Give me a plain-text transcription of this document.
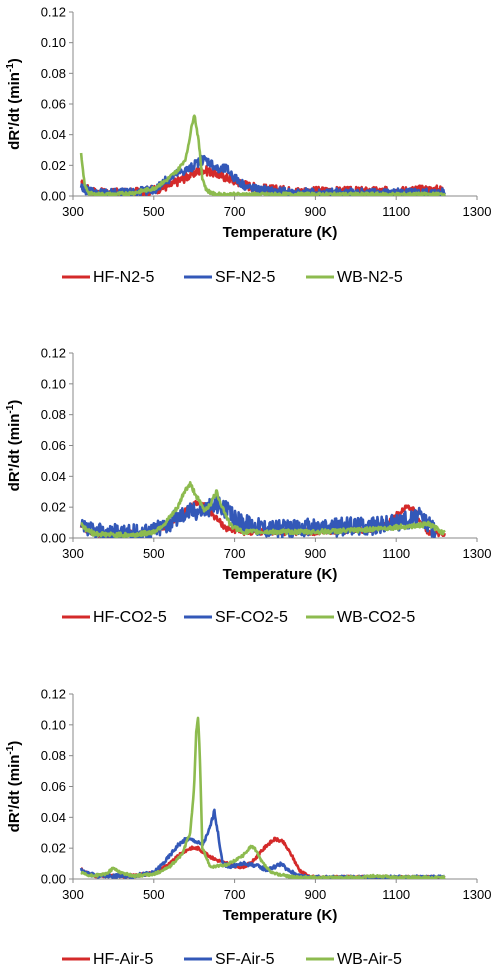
0.00
0.02
0.04
0.06
0.08
0.10
0.12
300	500	700	900	1100	1300
Temperature (K)
dR'/dt $(\min^{-1})$
HF-N2-5	SF-N2-5	WB-N2-5
0.00
0.02
0.04
0.06
0.08
0.10
0.12
300	500	700	900	1100	1300
Temperature (K)
dR'/dt $(\min^{-1})$
HF-CO2-5	SF-CO2-5	WB-CO2-5
0.00
0.02
0.04
0.06
0.08
0.10
0.12
300	500	700	900	1100	1300
Temperature (K)
dR'/dt $(\min^{-1})$
HF-Air-5	SF-Air-5	WB-Air-5
